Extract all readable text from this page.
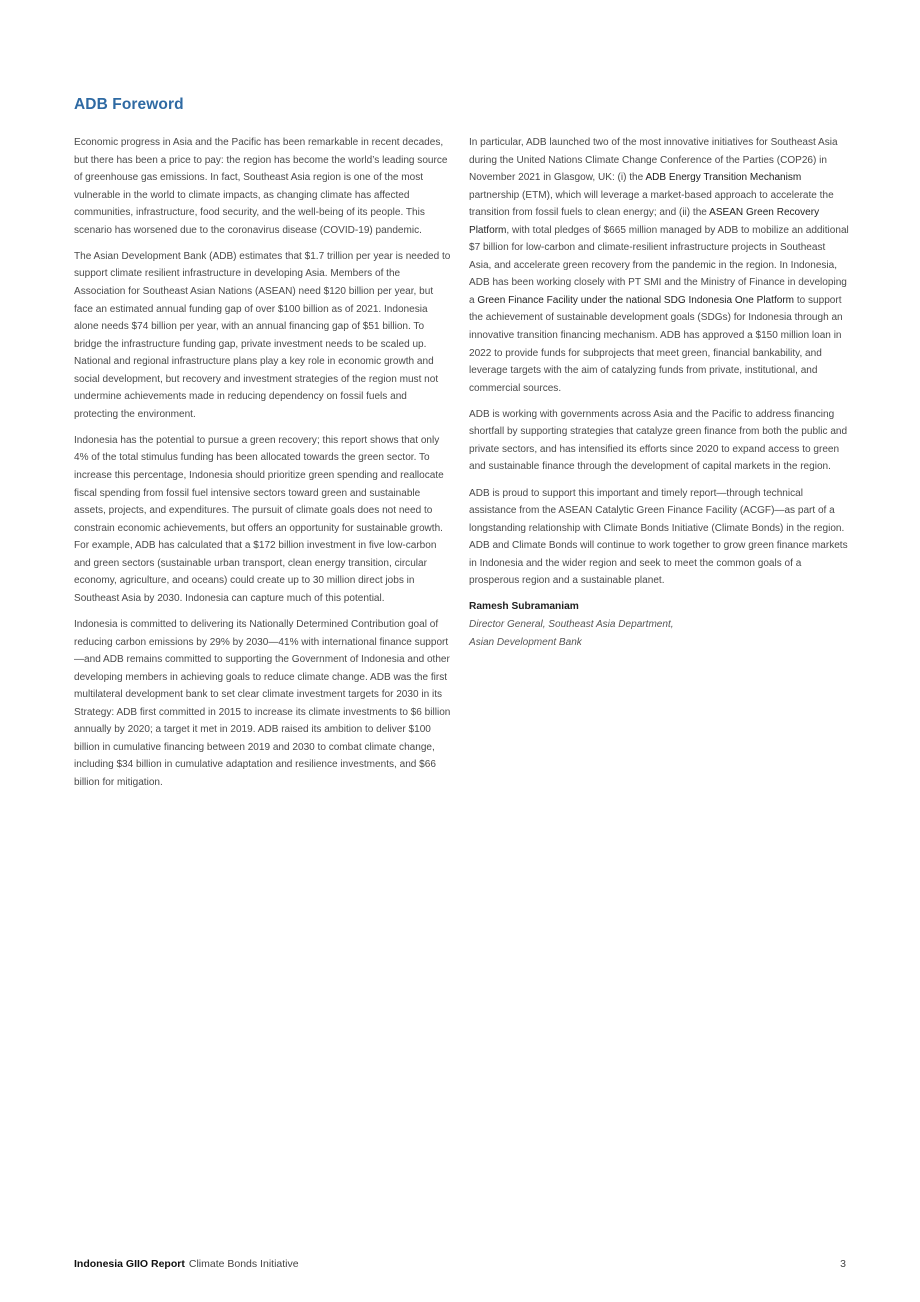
ADB Foreword

Economic progress in Asia and the Pacific has been remarkable in recent decades, but there has been a price to pay: the region has become the world’s leading source of greenhouse gas emissions. In fact, Southeast Asia region is one of the most vulnerable in the world to climate impacts, as changing climate has affected communities, infrastructure, food security, and the well-being of its people. This scenario has worsened due to the coronavirus disease (COVID-19) pandemic.

The Asian Development Bank (ADB) estimates that $1.7 trillion per year is needed to support climate resilient infrastructure in developing Asia. Members of the Association for Southeast Asian Nations (ASEAN) need $120 billion per year, but face an estimated annual funding gap of over $100 billion as of 2021. Indonesia alone needs $74 billion per year, with an annual financing gap of $51 billion. To bridge the infrastructure funding gap, private investment needs to be scaled up. National and regional infrastructure plans play a key role in economic growth and social development, but recovery and investment strategies of the region must not undermine achievements made in reducing dependency on fossil fuels and protecting the environment.

Indonesia has the potential to pursue a green recovery; this report shows that only 4% of the total stimulus funding has been allocated towards the green sector. To increase this percentage, Indonesia should prioritize green spending and reallocate fiscal spending from fossil fuel intensive sectors toward green and sustainable assets, projects, and expenditures. The pursuit of climate goals does not need to constrain economic achievements, but offers an opportunity for sustainable growth. For example, ADB has calculated that a $172 billion investment in five low-carbon and green sectors (sustainable urban transport, clean energy transition, circular economy, agriculture, and oceans) could create up to 30 million direct jobs in Southeast Asia by 2030. Indonesia can capture much of this potential.

Indonesia is committed to delivering its Nationally Determined Contribution goal of reducing carbon emissions by 29% by 2030—41% with international finance support—and ADB remains committed to supporting the Government of Indonesia and other developing members in achieving goals to reduce climate change. ADB was the first multilateral development bank to set clear climate investment targets for 2030 in its Strategy: ADB first committed in 2015 to increase its climate investments to $6 billion annually by 2020; a target it met in 2019. ADB raised its ambition to deliver $100 billion in cumulative financing between 2019 and 2030 to combat climate change, including $34 billion in cumulative adaptation and resilience investments, and $66 billion for mitigation.

In particular, ADB launched two of the most innovative initiatives for Southeast Asia during the United Nations Climate Change Conference of the Parties (COP26) in November 2021 in Glasgow, UK: (i) the ADB Energy Transition Mechanism partnership (ETM), which will leverage a market-based approach to accelerate the transition from fossil fuels to clean energy; and (ii) the ASEAN Green Recovery Platform, with total pledges of $665 million managed by ADB to mobilize an additional $7 billion for low-carbon and climate-resilient infrastructure projects in Southeast Asia, and accelerate green recovery from the pandemic in the region. In Indonesia, ADB has been working closely with PT SMI and the Ministry of Finance in developing a Green Finance Facility under the national SDG Indonesia One Platform to support the achievement of sustainable development goals (SDGs) for Indonesia through an innovative transition financing mechanism. ADB has approved a $150 million loan in 2022 to provide funds for subprojects that meet green, financial bankability, and leverage targets with the aim of catalyzing funds from private, institutional, and commercial sources.

ADB is working with governments across Asia and the Pacific to address financing shortfall by supporting strategies that catalyze green finance from both the public and private sectors, and has intensified its efforts since 2020 to expand access to green and sustainable finance through the development of capital markets in the region.

ADB is proud to support this important and timely report—through technical assistance from the ASEAN Catalytic Green Finance Facility (ACGF)—as part of a longstanding relationship with Climate Bonds Initiative (Climate Bonds) in the region. ADB and Climate Bonds will continue to work together to grow green finance markets in Indonesia and the wider region and seek to meet the common goals of a prosperous region and a sustainable planet.

Ramesh Subramaniam
Director General, Southeast Asia Department,
Asian Development Bank
Indonesia GIIO Report Climate Bonds Initiative	3
